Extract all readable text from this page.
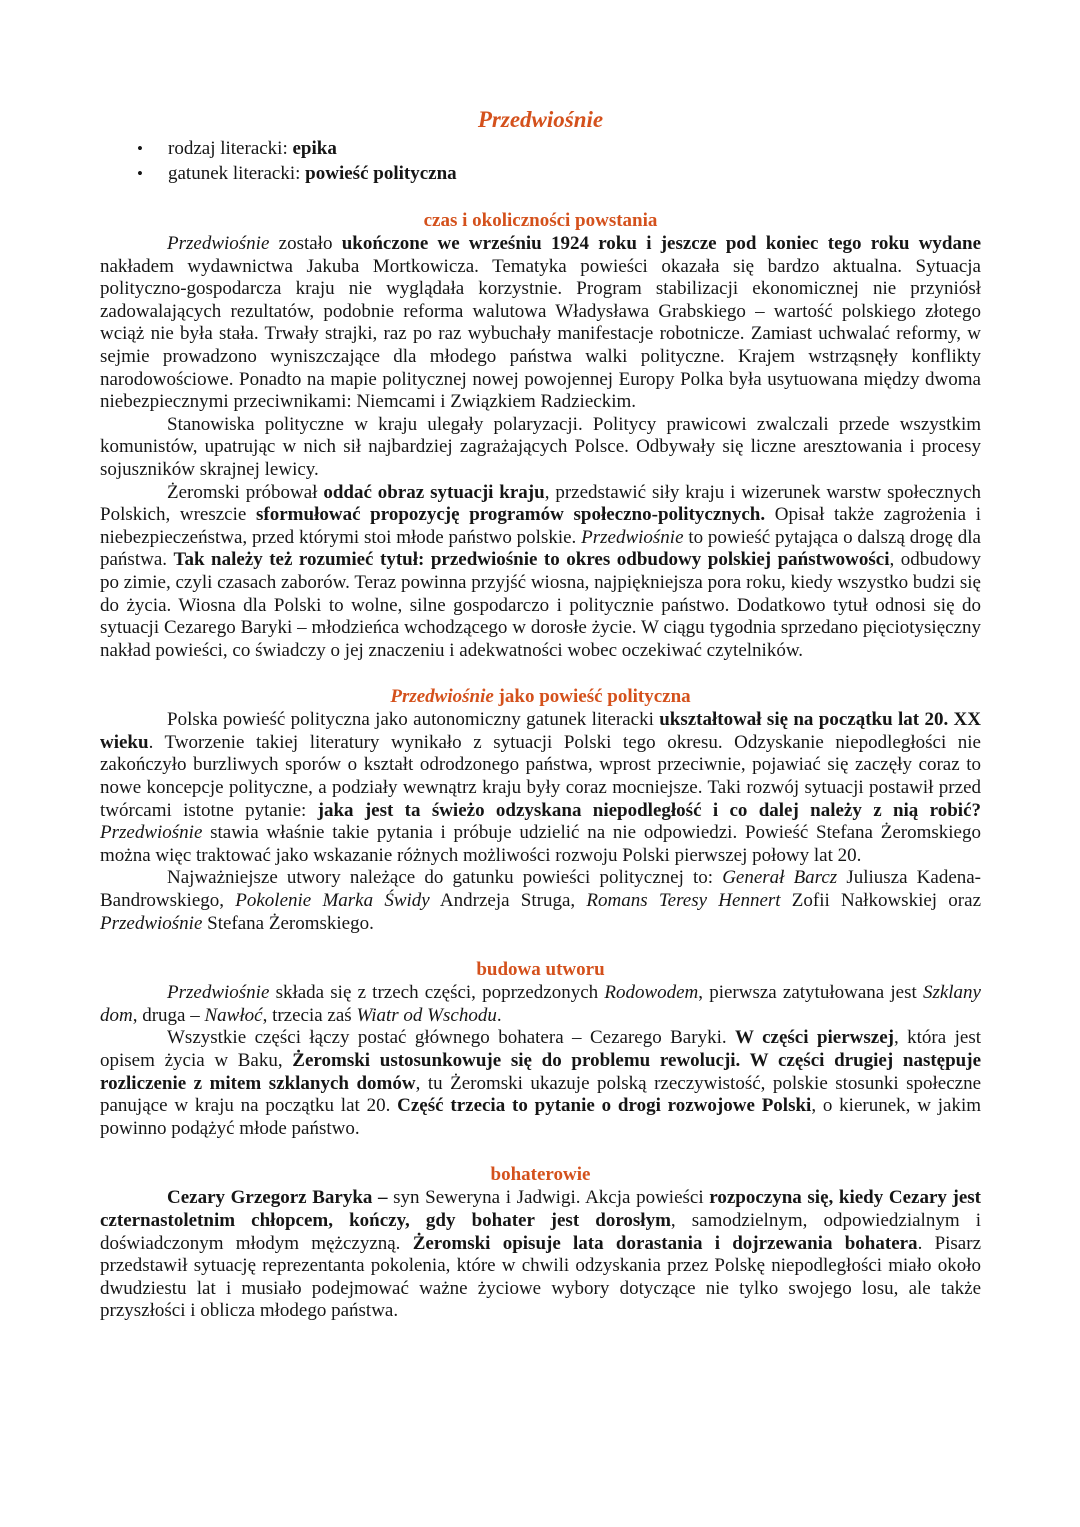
Przedwiośnie
• rodzaj literacki: epika
• gatunek literacki: powieść polityczna
czas i okoliczności powstania

Przedwiośnie zostało ukończone we wrześniu 1924 roku i jeszcze pod koniec tego roku wydane nakładem wydawnictwa Jakuba Mortkowicza. Tematyka powieści okazała się bardzo aktualna. Sytuacja polityczno-gospodarcza kraju nie wyglądała korzystnie. Program stabilizacji ekonomicznej nie przyniósł zadowalających rezultatów, podobnie reforma walutowa Władysława Grabskiego – wartość polskiego złotego wciąż nie była stała. Trwały strajki, raz po raz wybuchały manifestacje robotnicze. Zamiast uchwalać reformy, w sejmie prowadzono wyniszczające dla młodego państwa walki polityczne. Krajem wstrząsnęły konflikty narodowościowe. Ponadto na mapie politycznej nowej powojennej Europy Polka była usytuowana między dwoma niebezpiecznymi przeciwnikami: Niemcami i Związkiem Radzieckim.

Stanowiska polityczne w kraju ulegały polaryzacji. Politycy prawicowi zwalczali przede wszystkim komunistów, upatrując w nich sił najbardziej zagrażających Polsce. Odbywały się liczne aresztowania i procesy sojuszników skrajnej lewicy.

Żeromski próbował oddać obraz sytuacji kraju, przedstawić siły kraju i wizerunek warstw społecznych Polskich, wreszcie sformułować propozycję programów społeczno-politycznych. Opisał także zagrożenia i niebezpieczeństwa, przed którymi stoi młode państwo polskie. Przedwiośnie to powieść pytająca o dalszą drogę dla państwa. Tak należy też rozumieć tytuł: przedwiośnie to okres odbudowy polskiej państwowości, odbudowy po zimie, czyli czasach zaborów. Teraz powinna przyjść wiosna, najpiękniejsza pora roku, kiedy wszystko budzi się do życia. Wiosna dla Polski to wolne, silne gospodarczo i politycznie państwo. Dodatkowo tytuł odnosi się do sytuacji Cezarego Baryki – młodzieńca wchodzącego w dorosłe życie. W ciągu tygodnia sprzedano pięciotysięczny nakład powieści, co świadczy o jej znaczeniu i adekwatności wobec oczekiwać czytelników.

Przedwiośnie jako powieść polityczna

Polska powieść polityczna jako autonomiczny gatunek literacki ukształtował się na początku lat 20. XX wieku. Tworzenie takiej literatury wynikało z sytuacji Polski tego okresu. Odzyskanie niepodległości nie zakończyło burzliwych sporów o kształt odrodzonego państwa, wprost przeciwnie, pojawiać się zaczęły coraz to nowe koncepcje polityczne, a podziały wewnątrz kraju były coraz mocniejsze. Taki rozwój sytuacji postawił przed twórcami istotne pytanie: jaka jest ta świeżo odzyskana niepodległość i co dalej należy z nią robić? Przedwiośnie stawia właśnie takie pytania i próbuje udzielić na nie odpowiedzi. Powieść Stefana Żeromskiego można więc traktować jako wskazanie różnych możliwości rozwoju Polski pierwszej połowy lat 20.

Najważniejsze utwory należące do gatunku powieści politycznej to: Generał Barcz Juliusza Kadena-Bandrowskiego, Pokolenie Marka Świdy Andrzeja Struga, Romans Teresy Hennert Zofii Nałkowskiej oraz Przedwiośnie Stefana Żeromskiego.

budowa utworu

Przedwiośnie składa się z trzech części, poprzedzonych Rodowodem, pierwsza zatytułowana jest Szklany dom, druga – Nawłoć, trzecia zaś Wiatr od Wschodu.

Wszystkie części łączy postać głównego bohatera – Cezarego Baryki. W części pierwszej, która jest opisem życia w Baku, Żeromski ustosunkowuje się do problemu rewolucji. W części drugiej następuje rozliczenie z mitem szklanych domów, tu Żeromski ukazuje polską rzeczywistość, polskie stosunki społeczne panujące w kraju na początku lat 20. Część trzecia to pytanie o drogi rozwojowe Polski, o kierunek, w jakim powinno podążyć młode państwo.

bohaterowie

Cezary Grzegorz Baryka – syn Seweryna i Jadwigi. Akcja powieści rozpoczyna się, kiedy Cezary jest czternastoletnim chłopcem, kończy, gdy bohater jest dorosłym, samodzielnym, odpowiedzialnym i doświadczonym młodym mężczyzną. Żeromski opisuje lata dorastania i dojrzewania bohatera. Pisarz przedstawił sytuację reprezentanta pokolenia, które w chwili odzyskania przez Polskę niepodległości miało około dwudziestu lat i musiało podejmować ważne życiowe wybory dotyczące nie tylko swojego losu, ale także przyszłości i oblicza młodego państwa.
